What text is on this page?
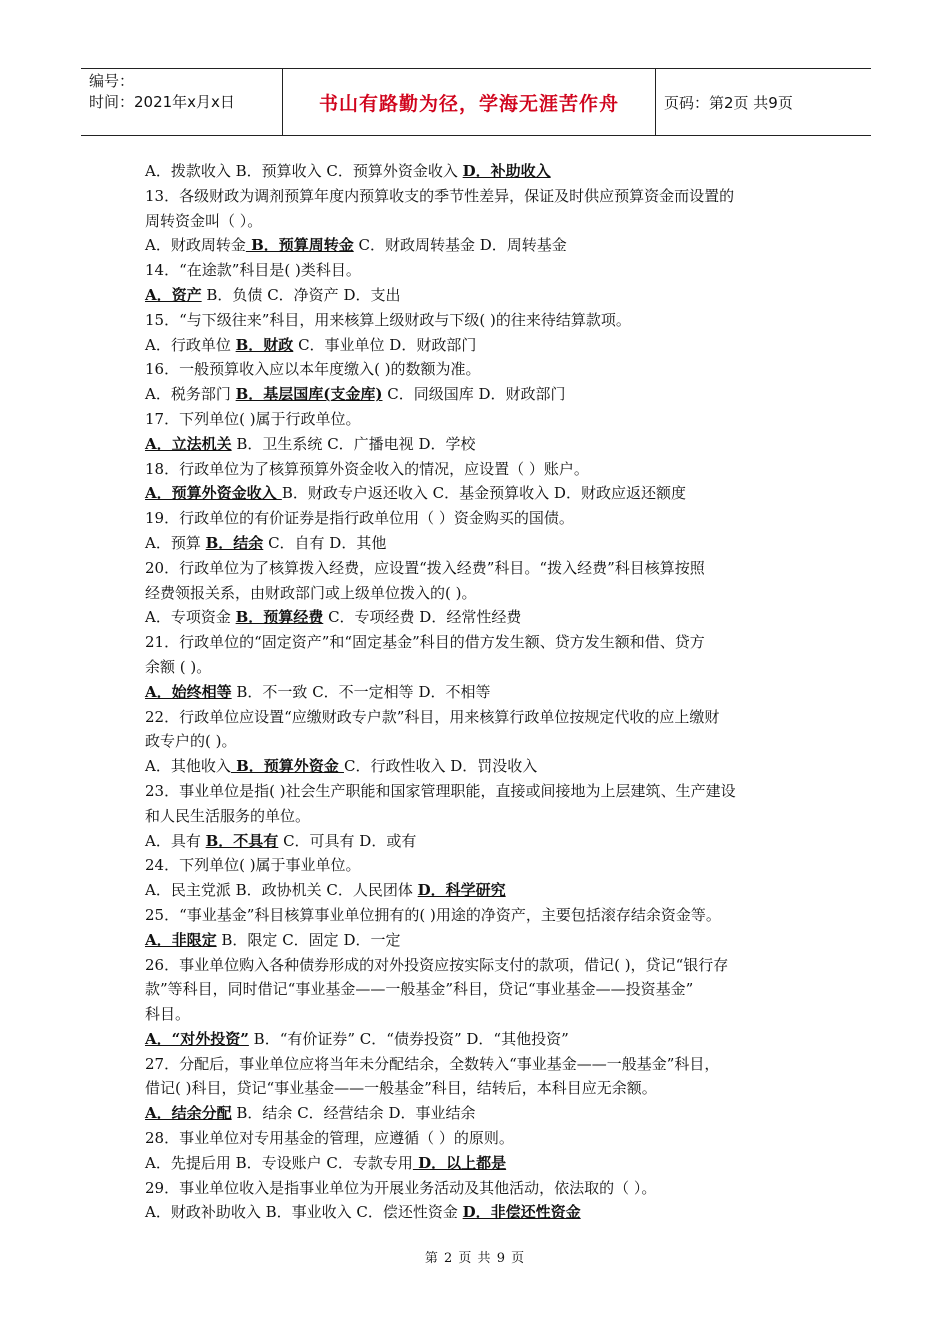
编号：
时间：2021年x月x日	书山有路勤为径，学海无涯苦作舟	页码：第2页 共9页
A．拨款收入 B．预算收入 C．预算外资金收入 D．补助收入
13．各级财政为调剂预算年度内预算收支的季节性差异，保证及时供应预算资金而设置的
周转资金叫（ ）。
A．财政周转金 B．预算周转金 C．财政周转基金 D．周转基金
14．“在途款”科目是( )类科目。
A．资产 B．负债 C．净资产 D．支出
15．“与下级往来”科目，用来核算上级财政与下级( )的往来待结算款项。
A．行政单位 B．财政 C．事业单位 D．财政部门
16．一般预算收入应以本年度缴入( )的数额为准。
A．税务部门 B．基层国库(支金库) C．同级国库 D．财政部门
17．下列单位( )属于行政单位。
A．立法机关 B．卫生系统 C．广播电视 D．学校
18．行政单位为了核算预算外资金收入的情况，应设置（ ）账户。
A．预算外资金收入 B．财政专户返还收入 C．基金预算收入 D．财政应返还额度
19．行政单位的有价证券是指行政单位用（ ）资金购买的国债。
A．预算 B．结余 C．自有 D．其他
20．行政单位为了核算拨入经费，应设置“拨入经费”科目。“拨入经费”科目核算按照
经费领报关系，由财政部门或上级单位拨入的( )。
A．专项资金 B．预算经费 C．专项经费 D．经常性经费
21．行政单位的“固定资产”和“固定基金”科目的借方发生额、贷方发生额和借、贷方
余额 ( )。
A．始终相等 B．不一致 C．不一定相等 D．不相等
22．行政单位应设置“应缴财政专户款”科目，用来核算行政单位按规定代收的应上缴财
政专户的( )。
A．其他收入 B．预算外资金 C．行政性收入 D．罚没收入
23．事业单位是指( )社会生产职能和国家管理职能，直接或间接地为上层建筑、生产建设
和人民生活服务的单位。
A．具有 B．不具有 C．可具有 D．或有
24．下列单位( )属于事业单位。
A．民主党派 B．政协机关 C．人民团体 D．科学研究
25．“事业基金”科目核算事业单位拥有的( )用途的净资产，主要包括滚存结余资金等。
A．非限定 B．限定 C．固定 D．一定
26．事业单位购入各种债券形成的对外投资应按实际支付的款项，借记( )，贷记“银行存
款”等科目，同时借记“事业基金——一般基金”科目，贷记“事业基金——投资基金”
科目。
A．“对外投资” B．“有价证券” C．“债券投资” D．“其他投资”
27．分配后，事业单位应将当年未分配结余，全数转入“事业基金——一般基金”科目，
借记( )科目，贷记“事业基金——一般基金”科目，结转后，本科目应无余额。
A．结余分配 B．结余 C．经营结余 D．事业结余
28．事业单位对专用基金的管理，应遵循（ ）的原则。
A．先提后用 B．专设账户 C．专款专用 D．以上都是
29．事业单位收入是指事业单位为开展业务活动及其他活动，依法取的（ ）。
A．财政补助收入 B．事业收入 C．偿还性资金 D．非偿还性资金
第 2 页 共 9 页
